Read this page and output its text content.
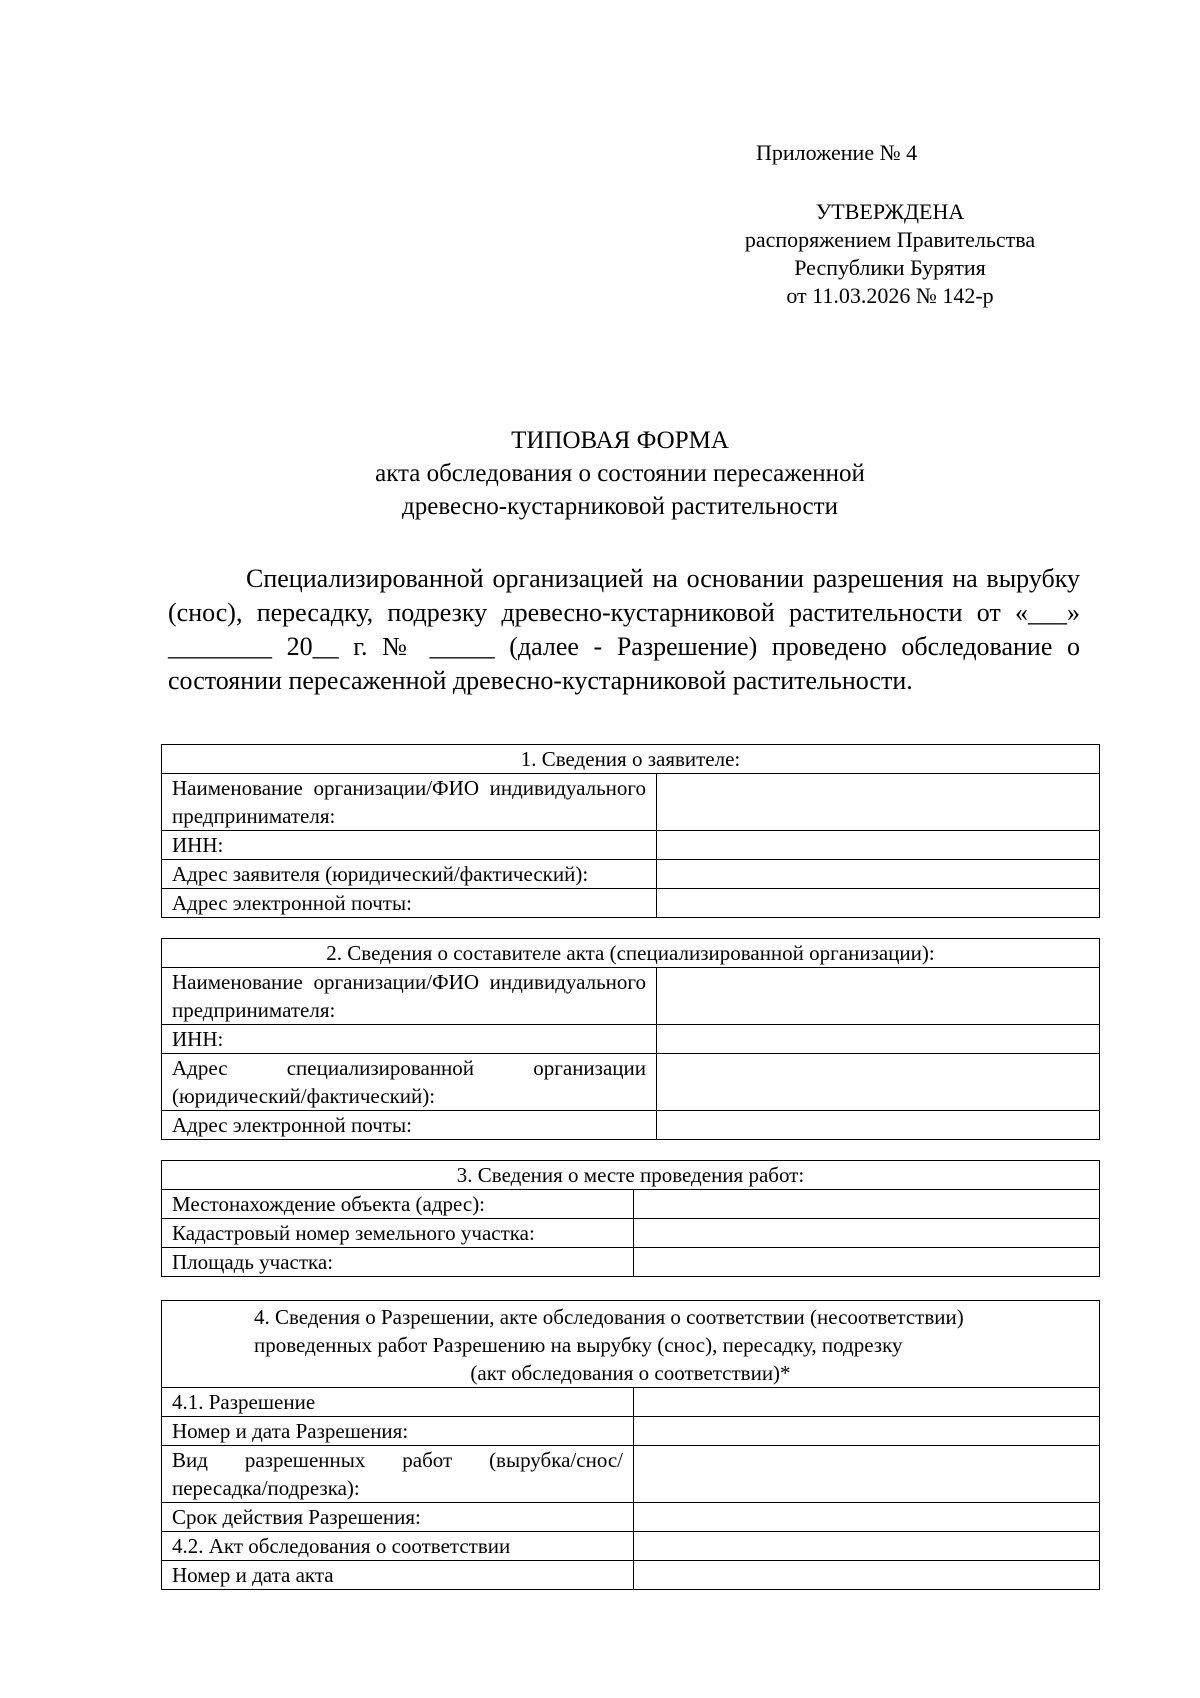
Приложение № 4
УТВЕРЖДЕНА
распоряжением Правительства
Республики Бурятия
от 11.03.2026 № 142-р
ТИПОВАЯ ФОРМА
акта обследования о состоянии пересаженной
древесно-кустарниковой растительности

Специализированной организацией на основании разрешения на вырубку (снос), пересадку, подрезку древесно-кустарниковой растительности от «___» ________ 20__ г. № _____ (далее - Разрешение) проведено обследование о состоянии пересаженной древесно-кустарниковой растительности.

1. Сведения о заявителе:	
Наименование организации/ФИО индивидуального предпринимателя:	
ИНН:	
Адрес заявителя (юридический/фактический):	
Адрес электронной почты:	
2. Сведения о составителе акта (специализированной организации):	
Наименование организации/ФИО индивидуального предпринимателя:	
ИНН:	
Адрес специализированной организации (юридический/фактический):	
Адрес электронной почты:	
3. Сведения о месте проведения работ:	
Местонахождение объекта (адрес):	
Кадастровый номер земельного участка:	
Площадь участка:	
4. Сведения о Разрешении, акте обследования о соответствии (несоответствии)
проведенных работ Разрешению на вырубку (снос), пересадку, подрезку
(акт обследования о соответствии)*	

4.1. Разрешение	
Номер и дата Разрешения:	
Вид разрешенных работ (вырубка/снос/пересадка/подрезка):	
Срок действия Разрешения:	
4.2. Акт обследования о соответствии	
Номер и дата акта	
